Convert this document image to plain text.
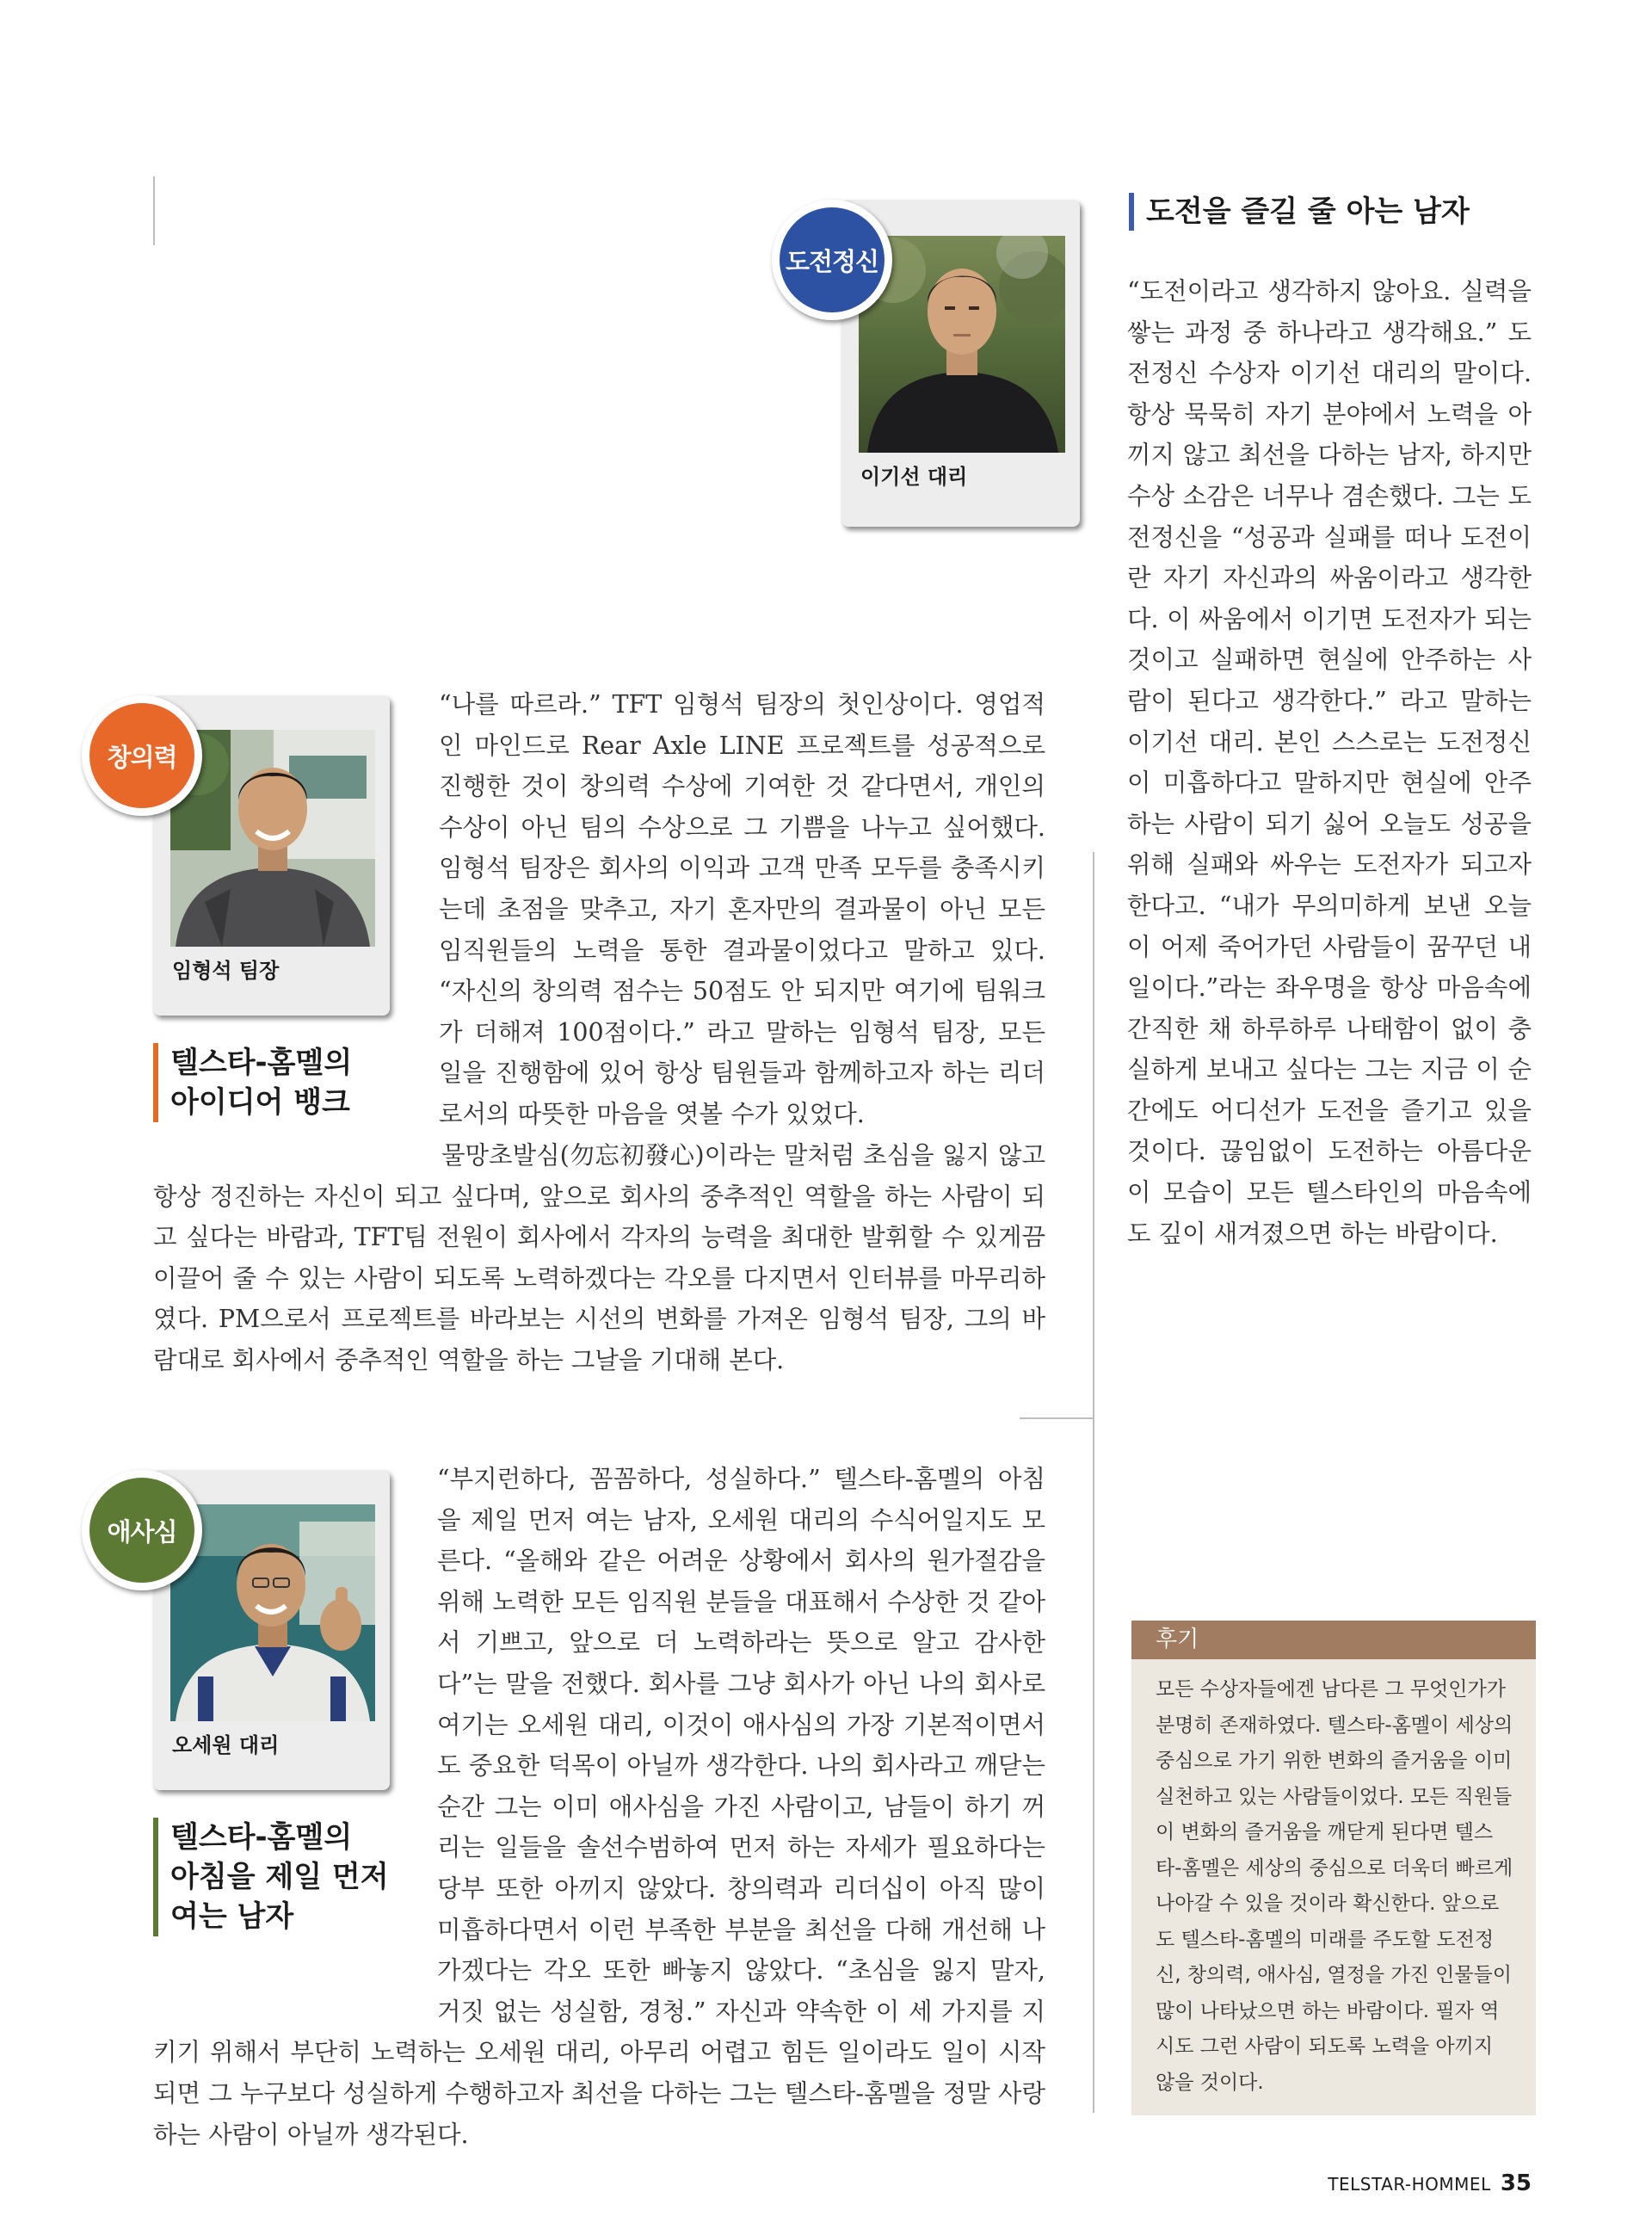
이기선 대리
도전정신
도전을 즐길 줄 아는 남자

“도전이라고 생각하지 않아요. 실력을 쌓는 과정 중 하나라고 생각해요.” 도전정신 수상자 이기선 대리의 말이다. 항상 묵묵히 자기 분야에서 노력을 아끼지 않고 최선을 다하는 남자, 하지만 수상 소감은 너무나 겸손했다. 그는 도전정신을 “성공과 실패를 떠나 도전이란 자기 자신과의 싸움이라고 생각한다. 이 싸움에서 이기면 도전자가 되는 것이고 실패하면 현실에 안주하는 사람이 된다고 생각한다.” 라고 말하는 이기선 대리. 본인 스스로는 도전정신이 미흡하다고 말하지만 현실에 안주하는 사람이 되기 싫어 오늘도 성공을 위해 실패와 싸우는 도전자가 되고자 한다고. “내가 무의미하게 보낸 오늘이 어제 죽어가던 사람들이 꿈꾸던 내일이다.”라는 좌우명을 항상 마음속에 간직한 채 하루하루 나태함이 없이 충실하게 보내고 싶다는 그는 지금 이 순간에도 어디선가 도전을 즐기고 있을 것이다. 끊임없이 도전하는 아름다운 이 모습이 모든 텔스타인의 마음속에도 깊이 새겨졌으면 하는 바람이다.

임형석 팀장
창의력
텔스타-홈멜의
아이디어 뱅크

“나를 따르라.” TFT 임형석 팀장의 첫인상이다. 영업적인 마인드로 Rear Axle LINE 프로젝트를 성공적으로 진행한 것이 창의력 수상에 기여한 것 같다면서, 개인의 수상이 아닌 팀의 수상으로 그 기쁨을 나누고 싶어했다. 임형석 팀장은 회사의 이익과 고객 만족 모두를 충족시키는데 초점을 맞추고, 자기 혼자만의 결과물이 아닌 모든 임직원들의 노력을 통한 결과물이었다고 말하고 있다. “자신의 창의력 점수는 50점도 안 되지만 여기에 팀워크가 더해져 100점이다.” 라고 말하는 임형석 팀장, 모든 일을 진행함에 있어 항상 팀원들과 함께하고자 하는 리더로서의 따뜻한 마음을 엿볼 수가 있었다.

물망초발심(勿忘初發心)이라는 말처럼 초심을 잃지 않고 항상 정진하는 자신이 되고 싶다며, 앞으로 회사의 중추적인 역할을 하는 사람이 되고 싶다는 바람과, TFT팀 전원이 회사에서 각자의 능력을 최대한 발휘할 수 있게끔 이끌어 줄 수 있는 사람이 되도록 노력하겠다는 각오를 다지면서 인터뷰를 마무리하였다. PM으로서 프로젝트를 바라보는 시선의 변화를 가져온 임형석 팀장, 그의 바람대로 회사에서 중추적인 역할을 하는 그날을 기대해 본다.

오세원 대리
애사심
텔스타-홈멜의
아침을 제일 먼저
여는 남자

“부지런하다, 꼼꼼하다, 성실하다.” 텔스타-홈멜의 아침을 제일 먼저 여는 남자, 오세원 대리의 수식어일지도 모른다. “올해와 같은 어려운 상황에서 회사의 원가절감을 위해 노력한 모든 임직원 분들을 대표해서 수상한 것 같아서 기쁘고, 앞으로 더 노력하라는 뜻으로 알고 감사한다”는 말을 전했다. 회사를 그냥 회사가 아닌 나의 회사로 여기는 오세원 대리, 이것이 애사심의 가장 기본적이면서도 중요한 덕목이 아닐까 생각한다. 나의 회사라고 깨닫는 순간 그는 이미 애사심을 가진 사람이고, 남들이 하기 꺼리는 일들을 솔선수범하여 먼저 하는 자세가 필요하다는 당부 또한 아끼지 않았다. 창의력과 리더십이 아직 많이 미흡하다면서 이런 부족한 부분을 최선을 다해 개선해 나가겠다는 각오 또한 빠놓지 않았다. “초심을 잃지 말자, 거짓 없는 성실함, 경청.” 자신과 약속한 이 세 가지를 지키기 위해서 부단히 노력하는 오세원 대리, 아무리 어렵고 힘든 일이라도 일이 시작되면 그 누구보다 성실하게 수행하고자 최선을 다하는 그는 텔스타-홈멜을 정말 사랑하는 사람이 아닐까 생각된다.

후기
모든 수상자들에겐 남다른 그 무엇인가가 분명히 존재하였다. 텔스타-홈멜이 세상의 중심으로 가기 위한 변화의 즐거움을 이미 실천하고 있는 사람들이었다. 모든 직원들이 변화의 즐거움을 깨닫게 된다면 텔스타-홈멜은 세상의 중심으로 더욱더 빠르게 나아갈 수 있을 것이라 확신한다. 앞으로도 텔스타-홈멜의 미래를 주도할 도전정신, 창의력, 애사심, 열정을 가진 인물들이 많이 나타났으면 하는 바람이다. 필자 역시도 그런 사람이 되도록 노력을 아끼지 않을 것이다.
TELSTAR-HOMMEL 35
